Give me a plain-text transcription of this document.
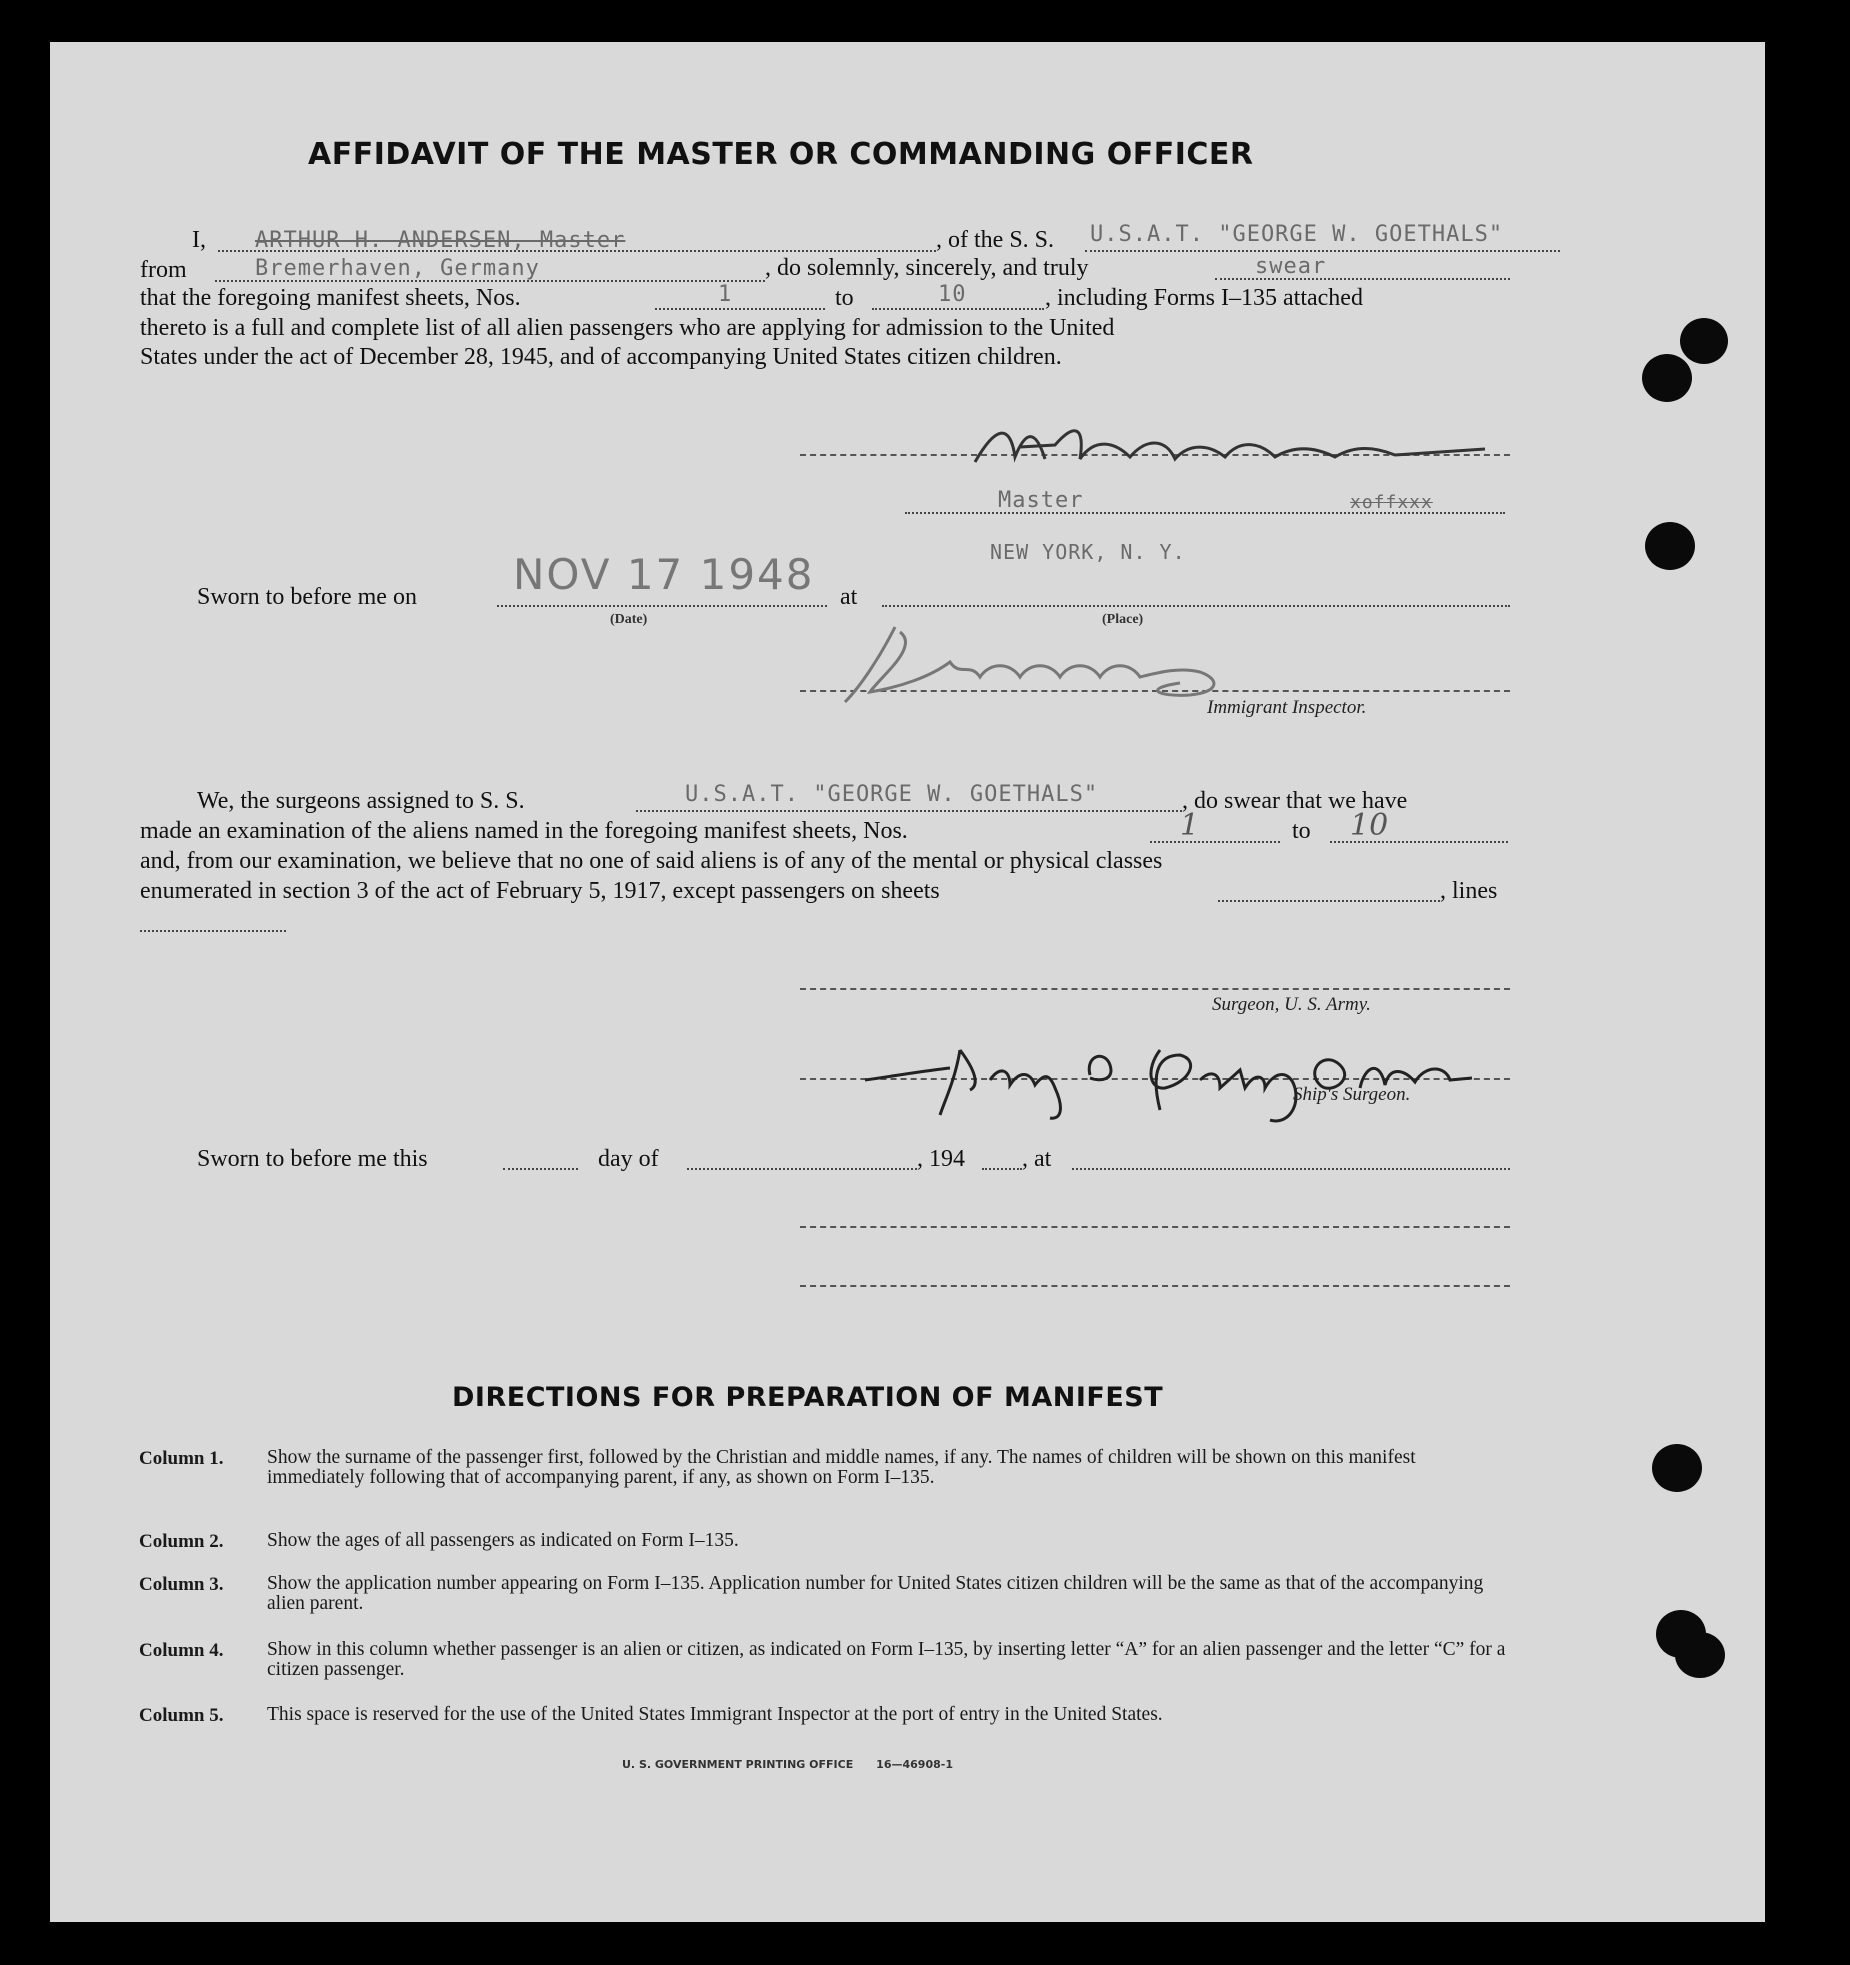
AFFIDAVIT OF THE MASTER OR COMMANDING OFFICER
I, ARTHUR H. ANDERSEN, Master	, of the S. S. U.S.A.T. "GEORGE W. GOETHALS"
from	Bremerhaven, Germany	, do solemnly, sincerely, and truly	swear
that the foregoing manifest sheets, Nos.	1	to	10	, including Forms I–135 attached
thereto is a full and complete list of all alien passengers who are applying for admission to the United
States under the act of December 28, 1945, and of accompanying United States citizen children.
Master	xoffxxx
Sworn to before me on NOV 17 1948
(Date)
at
NEW YORK, N. Y.
(Place)
Immigrant Inspector.
We, the surgeons assigned to S. S.	U.S.A.T. "GEORGE W. GOETHALS"	, do swear that we have
made an examination of the aliens named in the foregoing manifest sheets, Nos.	1	to 10
and, from our examination, we believe that no one of said aliens is of any of the mental or physical classes
enumerated in section 3 of the act of February 5, 1917, except passengers on sheets	, lines
Surgeon, U. S. Army.
Ship's Surgeon.
Sworn to before me this	day of	, 194 , at
DIRECTIONS FOR PREPARATION OF MANIFEST
Column 1. Show the surname of the passenger first, followed by the Christian and middle names, if any. The names of children will be shown on this manifest immediately following that of accompanying parent, if any, as shown on Form I–135.
Column 2. Show the ages of all passengers as indicated on Form I–135.
Column 3. Show the application number appearing on Form I–135. Application number for United States citizen children will be the same as that of the accompanying alien parent.
Column 4. Show in this column whether passenger is an alien or citizen, as indicated on Form I–135, by inserting letter “A” for an alien passenger and the letter “C” for a citizen passenger.
Column 5. This space is reserved for the use of the United States Immigrant Inspector at the port of entry in the United States.
U. S. GOVERNMENT PRINTING OFFICE      16—46908-1
